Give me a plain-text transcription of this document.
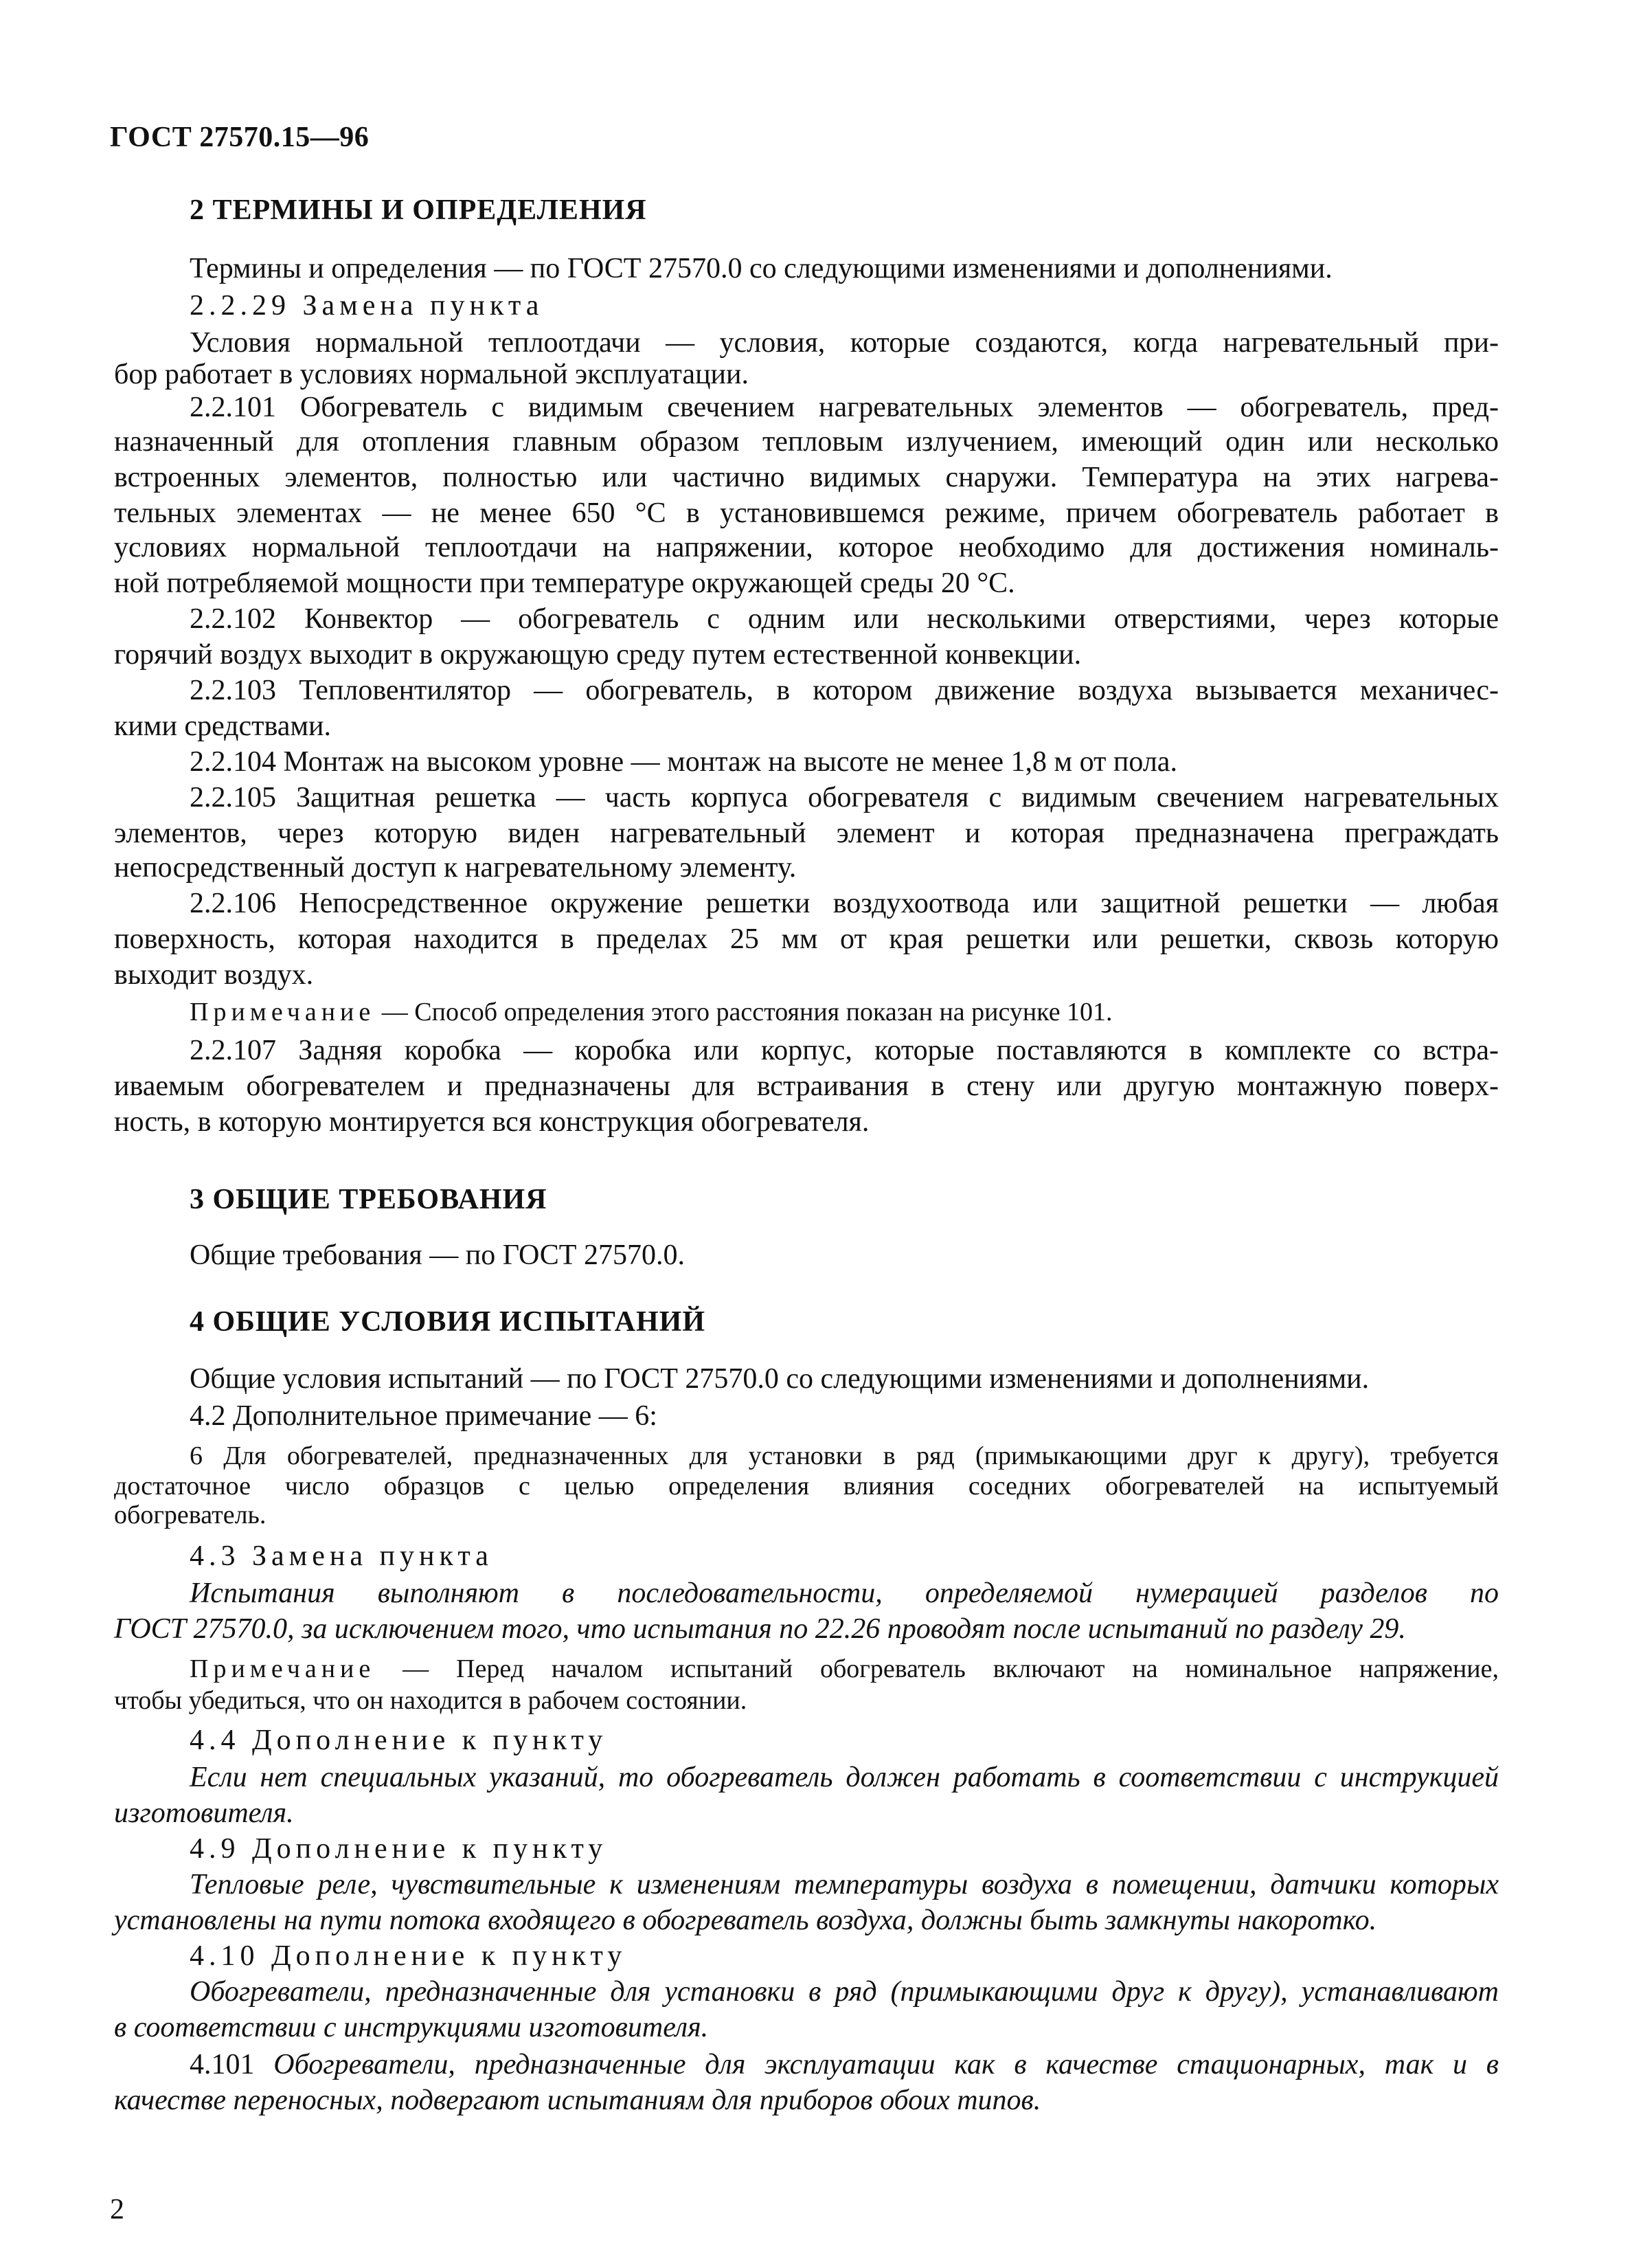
ГОСТ 27570.15—96
2 ТЕРМИНЫ И ОПРЕДЕЛЕНИЯ
Термины и определения — по ГОСТ 27570.0 со следующими изменениями и дополнениями.
2.2.29 Замена пункта
Условия нормальной теплоотдачи — условия, которые создаются, когда нагревательный при-
бор работает в условиях нормальной эксплуатации.
2.2.101 Обогреватель с видимым свечением нагревательных элементов — обогреватель, пред-
назначенный для отопления главным образом тепловым излучением, имеющий один или несколько
встроенных элементов, полностью или частично видимых снаружи. Температура на этих нагрева-
тельных элементах — не менее 650 °С в установившемся режиме, причем обогреватель работает в
условиях нормальной теплоотдачи на напряжении, которое необходимо для достижения номиналь-
ной потребляемой мощности при температуре окружающей среды 20 °С.
2.2.102 Конвектор — обогреватель с одним или несколькими отверстиями, через которые
горячий воздух выходит в окружающую среду путем естественной конвекции.
2.2.103 Тепловентилятор — обогреватель, в котором движение воздуха вызывается механичес-
кими средствами.
2.2.104 Монтаж на высоком уровне — монтаж на высоте не менее 1,8 м от пола.
2.2.105 Защитная решетка — часть корпуса обогревателя с видимым свечением нагревательных
элементов, через которую виден нагревательный элемент и которая предназначена преграждать
непосредственный доступ к нагревательному элементу.
2.2.106 Непосредственное окружение решетки воздухоотвода или защитной решетки — любая
поверхность, которая находится в пределах 25 мм от края решетки или решетки, сквозь которую
выходит воздух.
Примечание — Способ определения этого расстояния показан на рисунке 101.
2.2.107 Задняя коробка — коробка или корпус, которые поставляются в комплекте со встра-
иваемым обогревателем и предназначены для встраивания в стену или другую монтажную поверх-
ность, в которую монтируется вся конструкция обогревателя.
3 ОБЩИЕ ТРЕБОВАНИЯ
Общие требования — по ГОСТ 27570.0.
4 ОБЩИЕ УСЛОВИЯ ИСПЫТАНИЙ
Общие условия испытаний — по ГОСТ 27570.0 со следующими изменениями и дополнениями.
4.2 Дополнительное примечание — 6:
6 Для обогревателей, предназначенных для установки в ряд (примыкающими друг к другу), требуется
достаточное число образцов с целью определения влияния соседних обогревателей на испытуемый
обогреватель.
4.3 Замена пункта
Испытания выполняют в последовательности, определяемой нумерацией разделов по
ГОСТ 27570.0, за исключением того, что испытания по 22.26 проводят после испытаний по разделу 29.
Примечание — Перед началом испытаний обогреватель включают на номинальное напряжение,
чтобы убедиться, что он находится в рабочем состоянии.
4.4 Дополнение к пункту
Если нет специальных указаний, то обогреватель должен работать в соответствии с инструкцией
изготовителя.
4.9 Дополнение к пункту
Тепловые реле, чувствительные к изменениям температуры воздуха в помещении, датчики которых
установлены на пути потока входящего в обогреватель воздуха, должны быть замкнуты накоротко.
4.10 Дополнение к пункту
Обогреватели, предназначенные для установки в ряд (примыкающими друг к другу), устанавливают
в соответствии с инструкциями изготовителя.
4.101 Обогреватели, предназначенные для эксплуатации как в качестве стационарных, так и в
качестве переносных, подвергают испытаниям для приборов обоих типов.
2
